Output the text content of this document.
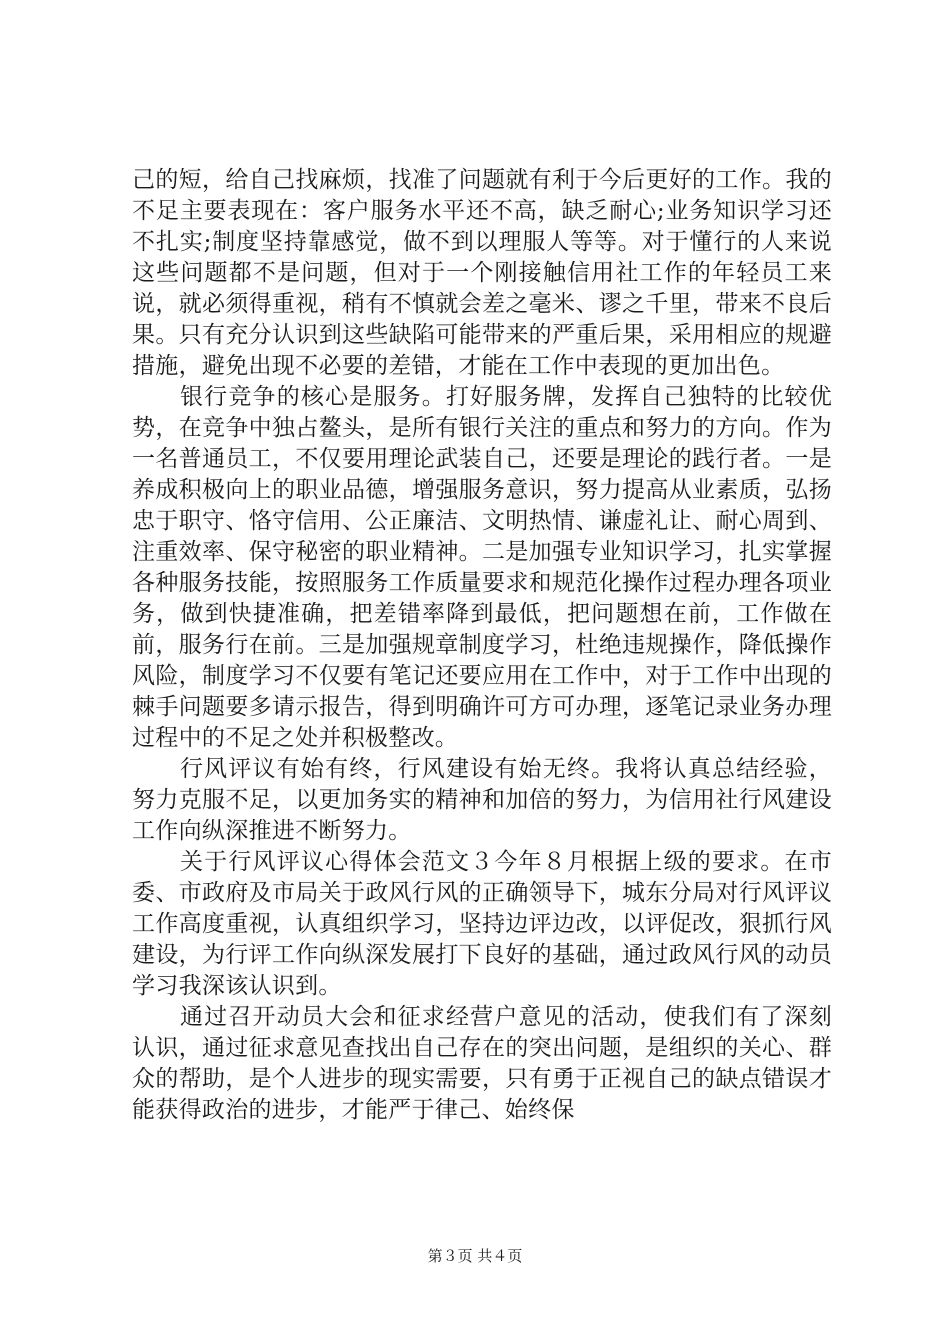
己的短，给自己找麻烦，找准了问题就有利于今后更好的工作。我的不足主要表现在：客户服务水平还不高，缺乏耐心;业务知识学习还不扎实;制度坚持靠感觉，做不到以理服人等等。对于懂行的人来说这些问题都不是问题，但对于一个刚接触信用社工作的年轻员工来说，就必须得重视，稍有不慎就会差之毫米、谬之千里，带来不良后果。只有充分认识到这些缺陷可能带来的严重后果，采用相应的规避措施，避免出现不必要的差错，才能在工作中表现的更加出色。

银行竞争的核心是服务。打好服务牌，发挥自己独特的比较优势，在竞争中独占鳌头，是所有银行关注的重点和努力的方向。作为一名普通员工，不仅要用理论武装自己，还要是理论的践行者。一是养成积极向上的职业品德，增强服务意识，努力提高从业素质，弘扬忠于职守、恪守信用、公正廉洁、文明热情、谦虚礼让、耐心周到、注重效率、保守秘密的职业精神。二是加强专业知识学习，扎实掌握各种服务技能，按照服务工作质量要求和规范化操作过程办理各项业务，做到快捷准确，把差错率降到最低，把问题想在前，工作做在前，服务行在前。三是加强规章制度学习，杜绝违规操作，降低操作风险，制度学习不仅要有笔记还要应用在工作中，对于工作中出现的棘手问题要多请示报告，得到明确许可方可办理，逐笔记录业务办理过程中的不足之处并积极整改。

行风评议有始有终，行风建设有始无终。我将认真总结经验，努力克服不足，以更加务实的精神和加倍的努力，为信用社行风建设工作向纵深推进不断努力。

关于行风评议心得体会范文３今年８月根据上级的要求。在市委、市政府及市局关于政风行风的正确领导下，城东分局对行风评议工作高度重视，认真组织学习，坚持边评边改，以评促改，狠抓行风建设，为行评工作向纵深发展打下良好的基础，通过政风行风的动员学习我深该认识到。

通过召开动员大会和征求经营户意见的活动，使我们有了深刻认识，通过征求意见查找出自己存在的突出问题，是组织的关心、群众的帮助，是个人进步的现实需要，只有勇于正视自己的缺点错误才能获得政治的进步，才能严于律己、始终保

第３页 共４页
